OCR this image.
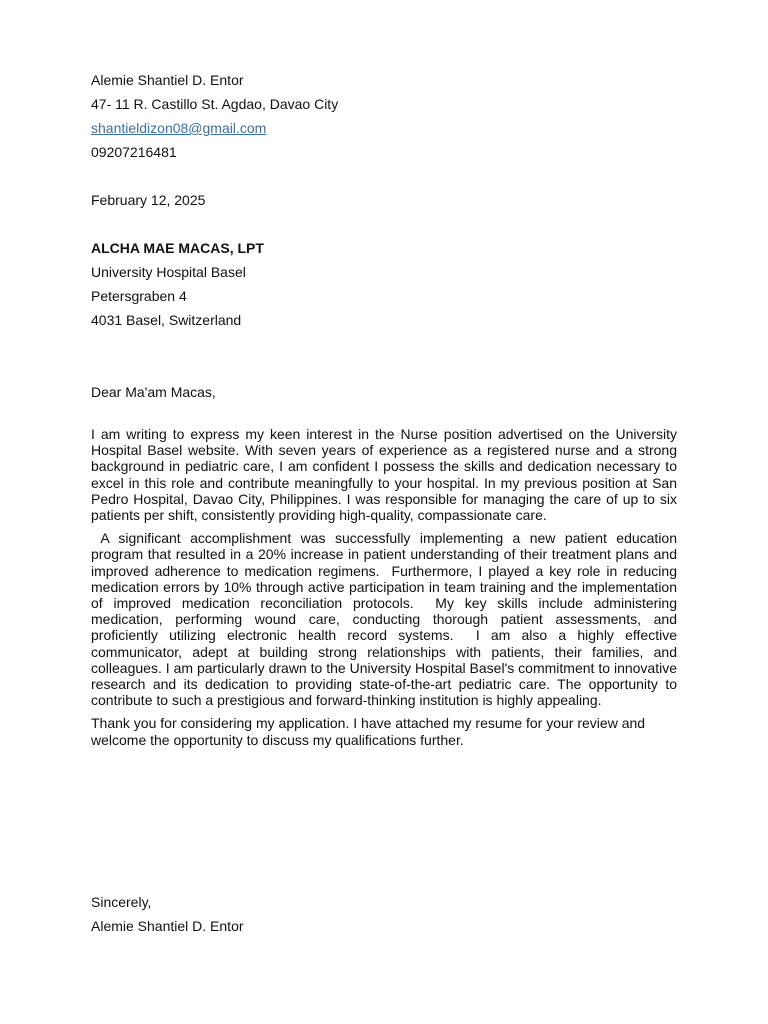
Alemie Shantiel D. Entor
47- 11 R. Castillo St. Agdao, Davao City
shantieldizon08@gmail.com
09207216481
February 12, 2025
ALCHA MAE MACAS, LPT
University Hospital Basel
Petersgraben 4
4031 Basel, Switzerland
Dear Ma'am Macas,

I am writing to express my keen interest in the Nurse position advertised on the University Hospital Basel website. With seven years of experience as a registered nurse and a strong background in pediatric care, I am confident I possess the skills and dedication necessary to excel in this role and contribute meaningfully to your hospital. In my previous position at San Pedro Hospital, Davao City, Philippines. I was responsible for managing the care of up to six patients per shift, consistently providing high-quality, compassionate care.

A significant accomplishment was successfully implementing a new patient education program that resulted in a 20% increase in patient understanding of their treatment plans and improved adherence to medication regimens.  Furthermore, I played a key role in reducing medication errors by 10% through active participation in team training and the implementation of improved medication reconciliation protocols.  My key skills include administering medication, performing wound care, conducting thorough patient assessments, and proficiently utilizing electronic health record systems.  I am also a highly effective communicator, adept at building strong relationships with patients, their families, and colleagues. I am particularly drawn to the University Hospital Basel's commitment to innovative research and its dedication to providing state-of-the-art pediatric care. The opportunity to contribute to such a prestigious and forward-thinking institution is highly appealing.

Thank you for considering my application. I have attached my resume for your review and welcome the opportunity to discuss my qualifications further.

Sincerely,
Alemie Shantiel D. Entor
